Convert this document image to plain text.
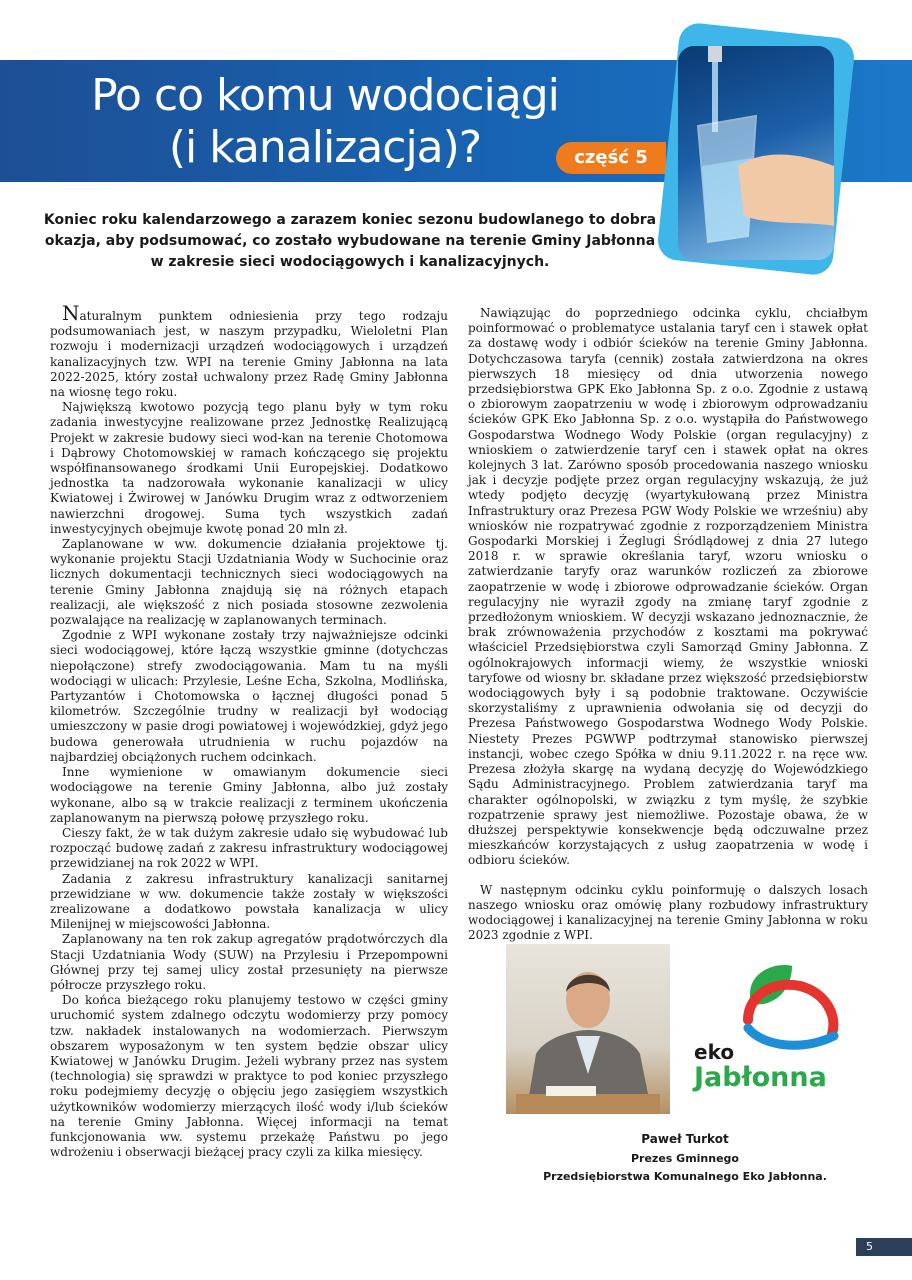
Po co komu wodociągi
(i kanalizacja)?	część 5

Koniec roku kalendarzowego a zarazem koniec sezonu budowlanego to dobra okazja, aby podsumować, co zostało wybudowane na terenie Gminy Jabłonna w zakresie sieci wodociągowych i kanalizacyjnych.

Naturalnym punktem odniesienia przy tego rodzaju podsumowaniach jest, w naszym przypadku, Wieloletni Plan rozwoju i modernizacji urządzeń wodociągowych i urządzeń kanalizacyjnych tzw. WPI na terenie Gminy Jabłonna na lata 2022-2025, który został uchwalony przez Radę Gminy Jabłonna na wiosnę tego roku.

Największą kwotowo pozycją tego planu były w tym roku zadania inwestycyjne realizowane przez Jednostkę Realizującą Projekt w zakresie budowy sieci wod-kan na terenie Chotomowa i Dąbrowy Chotomowskiej w ramach kończącego się projektu współfinansowanego środkami Unii Europejskiej. Dodatkowo jednostka ta nadzorowała wykonanie kanalizacji w ulicy Kwiatowej i Żwirowej w Janówku Drugim wraz z odtworzeniem nawierzchni drogowej. Suma tych wszystkich zadań inwestycyjnych obejmuje kwotę ponad 20 mln zł.

Zaplanowane w ww. dokumencie działania projektowe tj. wykonanie projektu Stacji Uzdatniania Wody w Suchocinie oraz licznych dokumentacji technicznych sieci wodociągowych na terenie Gminy Jabłonna znajdują się na różnych etapach realizacji, ale większość z nich posiada stosowne zezwolenia pozwalające na realizację w zaplanowanych terminach.

Zgodnie z WPI wykonane zostały trzy najważniejsze odcinki sieci wodociągowej, które łączą wszystkie gminne (dotychczas niepołączone) strefy zwodociągowania. Mam tu na myśli wodociągi w ulicach: Przylesie, Leśne Echa, Szkolna, Modlińska, Partyzantów i Chotomowska o łącznej długości ponad 5 kilometrów. Szczególnie trudny w realizacji był wodociąg umieszczony w pasie drogi powiatowej i wojewódzkiej, gdyż jego budowa generowała utrudnienia w ruchu pojazdów na najbardziej obciążonych ruchem odcinkach.

Inne wymienione w omawianym dokumencie sieci wodociągowe na terenie Gminy Jabłonna, albo już zostały wykonane, albo są w trakcie realizacji z terminem ukończenia zaplanowanym na pierwszą połowę przyszłego roku.

Cieszy fakt, że w tak dużym zakresie udało się wybudować lub rozpocząć budowę zadań z zakresu infrastruktury wodociągowej przewidzianej na rok 2022 w WPI.

Zadania z zakresu infrastruktury kanalizacji sanitarnej przewidziane w ww. dokumencie także zostały w większości zrealizowane a dodatkowo powstała kanalizacja w ulicy Milenijnej w miejscowości Jabłonna.

Zaplanowany na ten rok zakup agregatów prądotwórczych dla Stacji Uzdatniania Wody (SUW) na Przylesiu i Przepompowni Głównej przy tej samej ulicy został przesunięty na pierwsze półrocze przyszłego roku.

Do końca bieżącego roku planujemy testowo w części gminy uruchomić system zdalnego odczytu wodomierzy przy pomocy tzw. nakładek instalowanych na wodomierzach. Pierwszym obszarem wyposażonym w ten system będzie obszar ulicy Kwiatowej w Janówku Drugim. Jeżeli wybrany przez nas system (technologia) się sprawdzi w praktyce to pod koniec przyszłego roku podejmiemy decyzję o objęciu jego zasięgiem wszystkich użytkowników wodomierzy mierzących ilość wody i/lub ścieków na terenie Gminy Jabłonna. Więcej informacji na temat funkcjonowania ww. systemu przekażę Państwu po jego wdrożeniu i obserwacji bieżącej pracy czyli za kilka miesięcy.

Nawiązując do poprzedniego odcinka cyklu, chciałbym poinformować o problematyce ustalania taryf cen i stawek opłat za dostawę wody i odbiór ścieków na terenie Gminy Jabłonna. Dotychczasowa taryfa (cennik) została zatwierdzona na okres pierwszych 18 miesięcy od dnia utworzenia nowego przedsiębiorstwa GPK Eko Jabłonna Sp. z o.o. Zgodnie z ustawą o zbiorowym zaopatrzeniu w wodę i zbiorowym odprowadzaniu ścieków GPK Eko Jabłonna Sp. z o.o. wystąpiła do Państwowego Gospodarstwa Wodnego Wody Polskie (organ regulacyjny) z wnioskiem o zatwierdzenie taryf cen i stawek opłat na okres kolejnych 3 lat. Zarówno sposób procedowania naszego wniosku jak i decyzje podjęte przez organ regulacyjny wskazują, że już wtedy podjęto decyzję (wyartykułowaną przez Ministra Infrastruktury oraz Prezesa PGW Wody Polskie we wrześniu) aby wniosków nie rozpatrywać zgodnie z rozporządzeniem Ministra Gospodarki Morskiej i Żeglugi Śródlądowej z dnia 27 lutego 2018 r. w sprawie określania taryf, wzoru wniosku o zatwierdzanie taryfy oraz warunków rozliczeń za zbiorowe zaopatrzenie w wodę i zbiorowe odprowadzanie ścieków. Organ regulacyjny nie wyraził zgody na zmianę taryf zgodnie z przedłożonym wnioskiem. W decyzji wskazano jednoznacznie, że brak zrównoważenia przychodów z kosztami ma pokrywać właściciel Przedsiębiorstwa czyli Samorząd Gminy Jabłonna. Z ogólnokrajowych informacji wiemy, że wszystkie wnioski taryfowe od wiosny br. składane przez większość przedsiębiorstw wodociągowych były i są podobnie traktowane. Oczywiście skorzystaliśmy z uprawnienia odwołania się od decyzji do Prezesa Państwowego Gospodarstwa Wodnego Wody Polskie. Niestety Prezes PGWWP podtrzymał stanowisko pierwszej instancji, wobec czego Spółka w dniu 9.11.2022 r. na ręce ww. Prezesa złożyła skargę na wydaną decyzję do Wojewódzkiego Sądu Administracyjnego. Problem zatwierdzania taryf ma charakter ogólnopolski, w związku z tym myślę, że szybkie rozpatrzenie sprawy jest niemożliwe. Pozostaje obawa, że w dłuższej perspektywie konsekwencje będą odczuwalne przez mieszkańców korzystających z usług zaopatrzenia w wodę i odbioru ścieków.

W następnym odcinku cyklu poinformuję o dalszych losach naszego wniosku oraz omówię plany rozbudowy infrastruktury wodociągowej i kanalizacyjnej na terenie Gminy Jabłonna w roku 2023 zgodnie z WPI.

eko
Jabłonna
Paweł Turkot
Prezes Gminnego
Przedsiębiorstwa Komunalnego Eko Jabłonna.
5
